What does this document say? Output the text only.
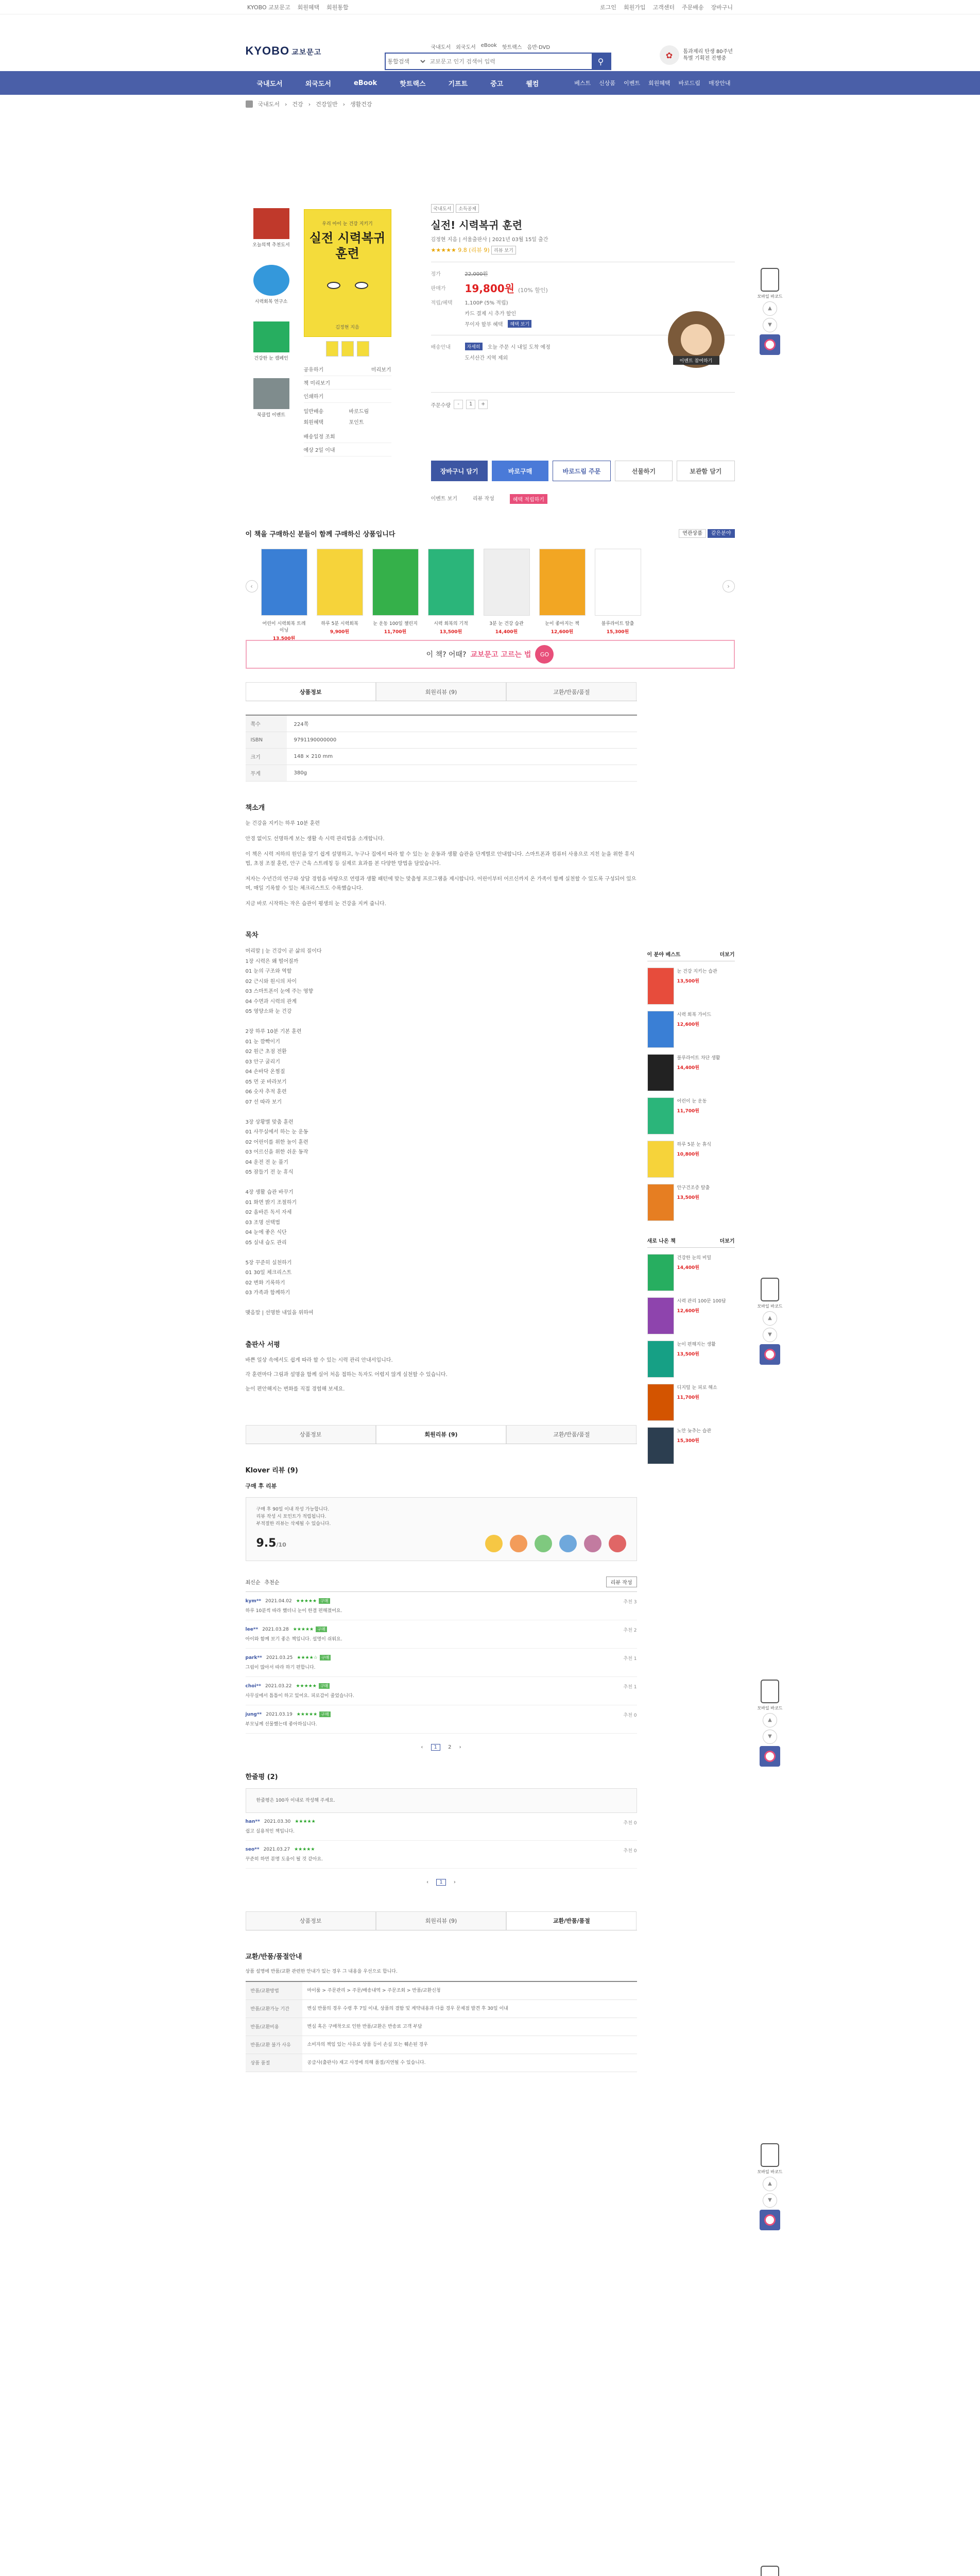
KYOBO 교보문고 회원혜택 회원통합	로그인 회원가입 고객센터 주문배송 장바구니
KYOBO 교보문고
국내도서 외국도서 eBook 핫트랙스 음반·DVD
통합검색
교보문고 인기 검색어 입력
⚲
✿	톰과제리 탄생 80주년 특별 기획전 진행중
국내도서	외국도서	eBook	핫트랙스	기프트	중고	웰컴	베스트	신상품	이벤트	회원혜택	바로드림	매장안내
국내도서 › 건강 › 건강일반 › 생활건강
오늘의책 추천도서
시력회복 연구소
건강한 눈 캠페인
북클럽 이벤트
우리 아이 눈 건강 지키기
실전 시력복귀 훈련
김정현 지음
공유하기	미리보기
책 미리보기
인쇄하기
일반배송	바로드림
회원혜택	포인트
배송일정 조회
예상 2일 이내
국내도서 소득공제
실전! 시력복귀 훈련
김정현 지음 | 서울출판사 | 2021년 03월 15일 출간
★★★★★ 9.8 (리뷰 9) 리뷰 보기
정가	22,000원
판매가	19,800원 (10% 할인)
적립/혜택	1,100P (5% 적립)
카드 결제 시 추가 할인
무이자 할부 혜택	혜택 보기
배송안내	자세히	오늘 주문 시 내일 도착 예정
도서산간 지역 제외
주문수량	-	1	+
이벤트 참여하기
장바구니 담기	바로구매	바로드림 주문	선물하기	보관함 담기
이벤트 보기	리뷰 작성	혜택 적립하기
이 책을 구매하신 분들이 함께 구매하신 상품입니다	연관상품 같은분야
‹	›
어린이 시력회복 트레이닝
13,500원
하루 5분 시력회복
9,900원
눈 운동 100일 챌린지
11,700원
시력 회복의 기적
13,500원
3분 눈 건강 습관
14,400원
눈이 좋아지는 책
12,600원
블루라이트 탈출
15,300원
이 책? 어때? 교보문고 고르는 법	GO
상품정보	회원리뷰 (9)	교환/반품/품절
쪽수	224쪽
ISBN	9791190000000
크기	148 × 210 mm
무게	380g
책소개

눈 건강을 지키는 하루 10분 훈련

안경 없이도 선명하게 보는 생활 속 시력 관리법을 소개합니다.

이 책은 시력 저하의 원인을 알기 쉽게 설명하고, 누구나 집에서 따라 할 수 있는 눈 운동과 생활 습관을 단계별로 안내합니다. 스마트폰과 컴퓨터 사용으로 지친 눈을 위한 휴식법, 초점 조절 훈련, 안구 근육 스트레칭 등 실제로 효과를 본 다양한 방법을 담았습니다.

저자는 수년간의 연구와 상담 경험을 바탕으로 연령과 생활 패턴에 맞는 맞춤형 프로그램을 제시합니다. 어린이부터 어르신까지 온 가족이 함께 실천할 수 있도록 구성되어 있으며, 매일 기록할 수 있는 체크리스트도 수록했습니다.

지금 바로 시작하는 작은 습관이 평생의 눈 건강을 지켜 줍니다.

목차
머리말 | 눈 건강이 곧 삶의 질이다
1장 시력은 왜 떨어질까
01 눈의 구조와 역할
02 근시와 원시의 차이
03 스마트폰이 눈에 주는 영향
04 수면과 시력의 관계
05 영양소와 눈 건강
2장 하루 10분 기본 훈련
01 눈 깜빡이기
02 원근 초점 전환
03 안구 굴리기
04 손바닥 온찜질
05 먼 곳 바라보기
06 숫자 추적 훈련
07 선 따라 보기
3장 상황별 맞춤 훈련
01 사무실에서 하는 눈 운동
02 어린이를 위한 놀이 훈련
03 어르신을 위한 쉬운 동작
04 운전 전 눈 풀기
05 잠들기 전 눈 휴식
4장 생활 습관 바꾸기
01 화면 밝기 조절하기
02 올바른 독서 자세
03 조명 선택법
04 눈에 좋은 식단
05 실내 습도 관리
5장 꾸준히 실천하기
01 30일 체크리스트
02 변화 기록하기
03 가족과 함께하기
맺음말 | 선명한 내일을 위하여
출판사 서평

바쁜 일상 속에서도 쉽게 따라 할 수 있는 시력 관리 안내서입니다.

각 훈련마다 그림과 설명을 함께 실어 처음 접하는 독자도 어렵지 않게 실천할 수 있습니다.

눈이 편안해지는 변화를 직접 경험해 보세요.

상품정보	회원리뷰 (9)	교환/반품/품절
Klover 리뷰 (9)
구매 후 리뷰
구매 후 90일 이내 작성 가능합니다.
리뷰 작성 시 포인트가 적립됩니다.
부적절한 리뷰는 삭제될 수 있습니다.
9.5/10
최신순 추천순	리뷰 작성
kym** 2021.04.02 ★★★★★ 구매
하루 10분씩 따라 했더니 눈이 한결 편해졌어요.
추천 3
lee** 2021.03.28 ★★★★★ 구매
아이와 함께 보기 좋은 책입니다. 설명이 쉬워요.
추천 2
park** 2021.03.25 ★★★★☆ 구매
그림이 많아서 따라 하기 편합니다.
추천 1
choi** 2021.03.22 ★★★★★ 구매
사무실에서 틈틈이 하고 있어요. 피로감이 줄었습니다.
추천 1
jung** 2021.03.19 ★★★★★ 구매
부모님께 선물했는데 좋아하십니다.
추천 0
‹ 1 2 ›
한줄평 (2)
한줄평은 100자 이내로 작성해 주세요.
han** 2021.03.30 ★★★★★
쉽고 실용적인 책입니다.
추천 0
seo** 2021.03.27 ★★★★★
꾸준히 하면 분명 도움이 될 것 같아요.
추천 0
‹ 1 ›
상품정보	회원리뷰 (9)	교환/반품/품절
교환/반품/품절안내
상품 설명에 반품/교환 관련한 안내가 있는 경우 그 내용을 우선으로 합니다.
반품/교환방법	마이룸 > 주문관리 > 주문/배송내역 > 주문조회 > 반품/교환신청
반품/교환가능 기간	변심 반품의 경우 수령 후 7일 이내, 상품의 결함 및 계약내용과 다를 경우 문제점 발견 후 30일 이내
반품/교환비용	변심 혹은 구매착오로 인한 반품/교환은 반송료 고객 부담
반품/교환 불가 사유	소비자의 책임 있는 사유로 상품 등이 손실 또는 훼손된 경우
상품 품절	공급사(출판사) 재고 사정에 의해 품절/지연될 수 있습니다.
이 분야 베스트	더보기
눈 건강 지키는 습관
13,500원
시력 회복 가이드
12,600원
블루라이트 차단 생활
14,400원
어린이 눈 운동
11,700원
하루 5분 눈 휴식
10,800원
안구건조증 탈출
13,500원
새로 나온 책	더보기
건강한 눈의 비밀
14,400원
시력 관리 100문 100답
12,600원
눈이 편해지는 생활
13,500원
디지털 눈 피로 해소
11,700원
노안 늦추는 습관
15,300원
모바일 바코드
▲
▼
모바일 바코드
▲
▼
모바일 바코드
▲
▼
모바일 바코드
▲
▼
